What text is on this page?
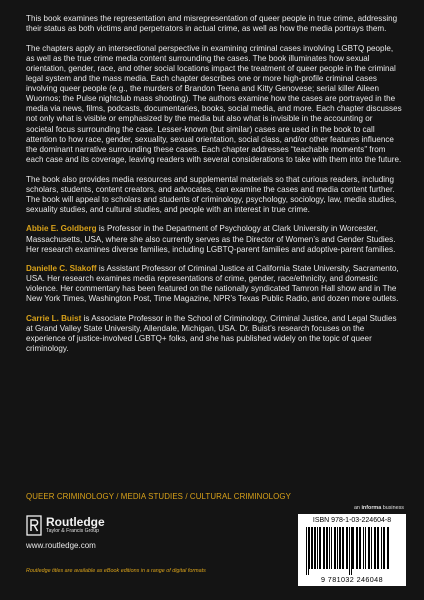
This book examines the representation and misrepresentation of queer people in true crime, addressing their status as both victims and perpetrators in actual crime, as well as how the media portrays them.

The chapters apply an intersectional perspective in examining criminal cases involving LGBTQ people, as well as the true crime media content surrounding the cases. The book illuminates how sexual orientation, gender, race, and other social locations impact the treatment of queer people in the criminal legal system and the mass media. Each chapter describes one or more high-profile criminal cases involving queer people (e.g., the murders of Brandon Teena and Kitty Genovese; serial killer Aileen Wuornos; the Pulse nightclub mass shooting). The authors examine how the cases are portrayed in the media via news, films, podcasts, documentaries, books, social media, and more. Each chapter discusses not only what is visible or emphasized by the media but also what is invisible in the accounting or societal focus surrounding the case. Lesser-known (but similar) cases are used in the book to call attention to how race, gender, sexuality, sexual orientation, social class, and/or other features influence the dominant narrative surrounding these cases. Each chapter addresses “teachable moments” from each case and its coverage, leaving readers with several considerations to take with them into the future.

The book also provides media resources and supplemental materials so that curious readers, including scholars, students, content creators, and advocates, can examine the cases and media content further. The book will appeal to scholars and students of criminology, psychology, sociology, law, media studies, sexuality studies, and cultural studies, and people with an interest in true crime.

Abbie E. Goldberg is Professor in the Department of Psychology at Clark University in Worcester, Massachusetts, USA, where she also currently serves as the Director of Women’s and Gender Studies. Her research examines diverse families, including LGBTQ-parent families and adoptive-parent families.

Danielle C. Slakoff is Assistant Professor of Criminal Justice at California State University, Sacramento, USA. Her research examines media representations of crime, gender, race/ethnicity, and domestic violence. Her commentary has been featured on the nationally syndicated Tamron Hall show and in The New York Times, Washington Post, Time Magazine, NPR’s Texas Public Radio, and dozen more outlets.

Carrie L. Buist is Associate Professor in the School of Criminology, Criminal Justice, and Legal Studies at Grand Valley State University, Allendale, Michigan, USA. Dr. Buist’s research focuses on the experience of justice-involved LGBTQ+ folks, and she has published widely on the topic of queer criminology.

QUEER CRIMINOLOGY / MEDIA STUDIES / CULTURAL CRIMINOLOGY
an informa business
Routledge
Taylor & Francis Group
www.routledge.com
Routledge titles are available as eBook editions in a range of digital formats
ISBN 978-1-03-224604-8
9 781032 246048
